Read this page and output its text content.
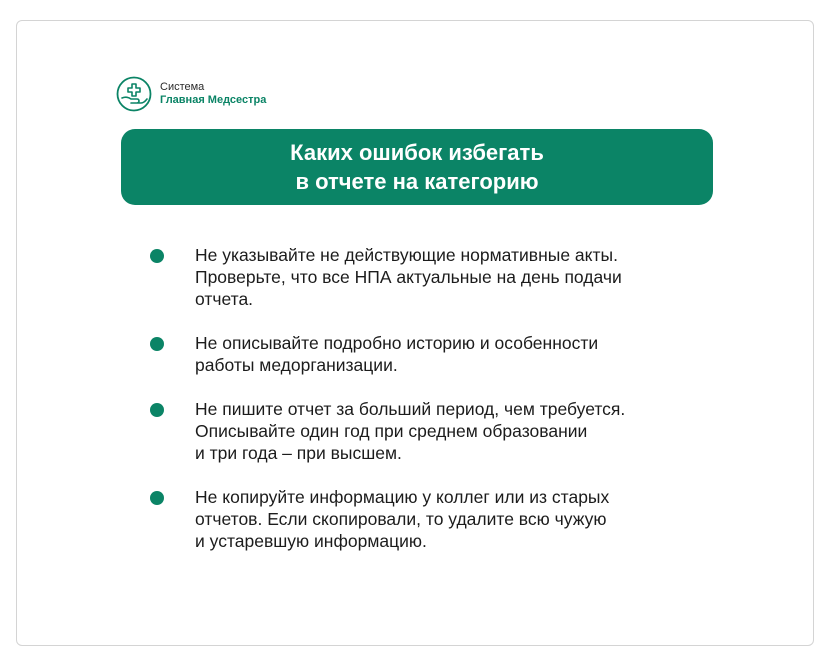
Система
Главная Медсестра
Каких ошибок избегать
в отчете на категорию
Не указывайте не действующие нормативные акты.
Проверьте, что все НПА актуальные на день подачи
отчета.
Не описывайте подробно историю и особенности
работы медорганизации.
Не пишите отчет за больший период, чем требуется.
Описывайте один год при среднем образовании
и три года – при высшем.
Не копируйте информацию у коллег или из старых
отчетов. Если скопировали, то удалите всю чужую
и устаревшую информацию.
